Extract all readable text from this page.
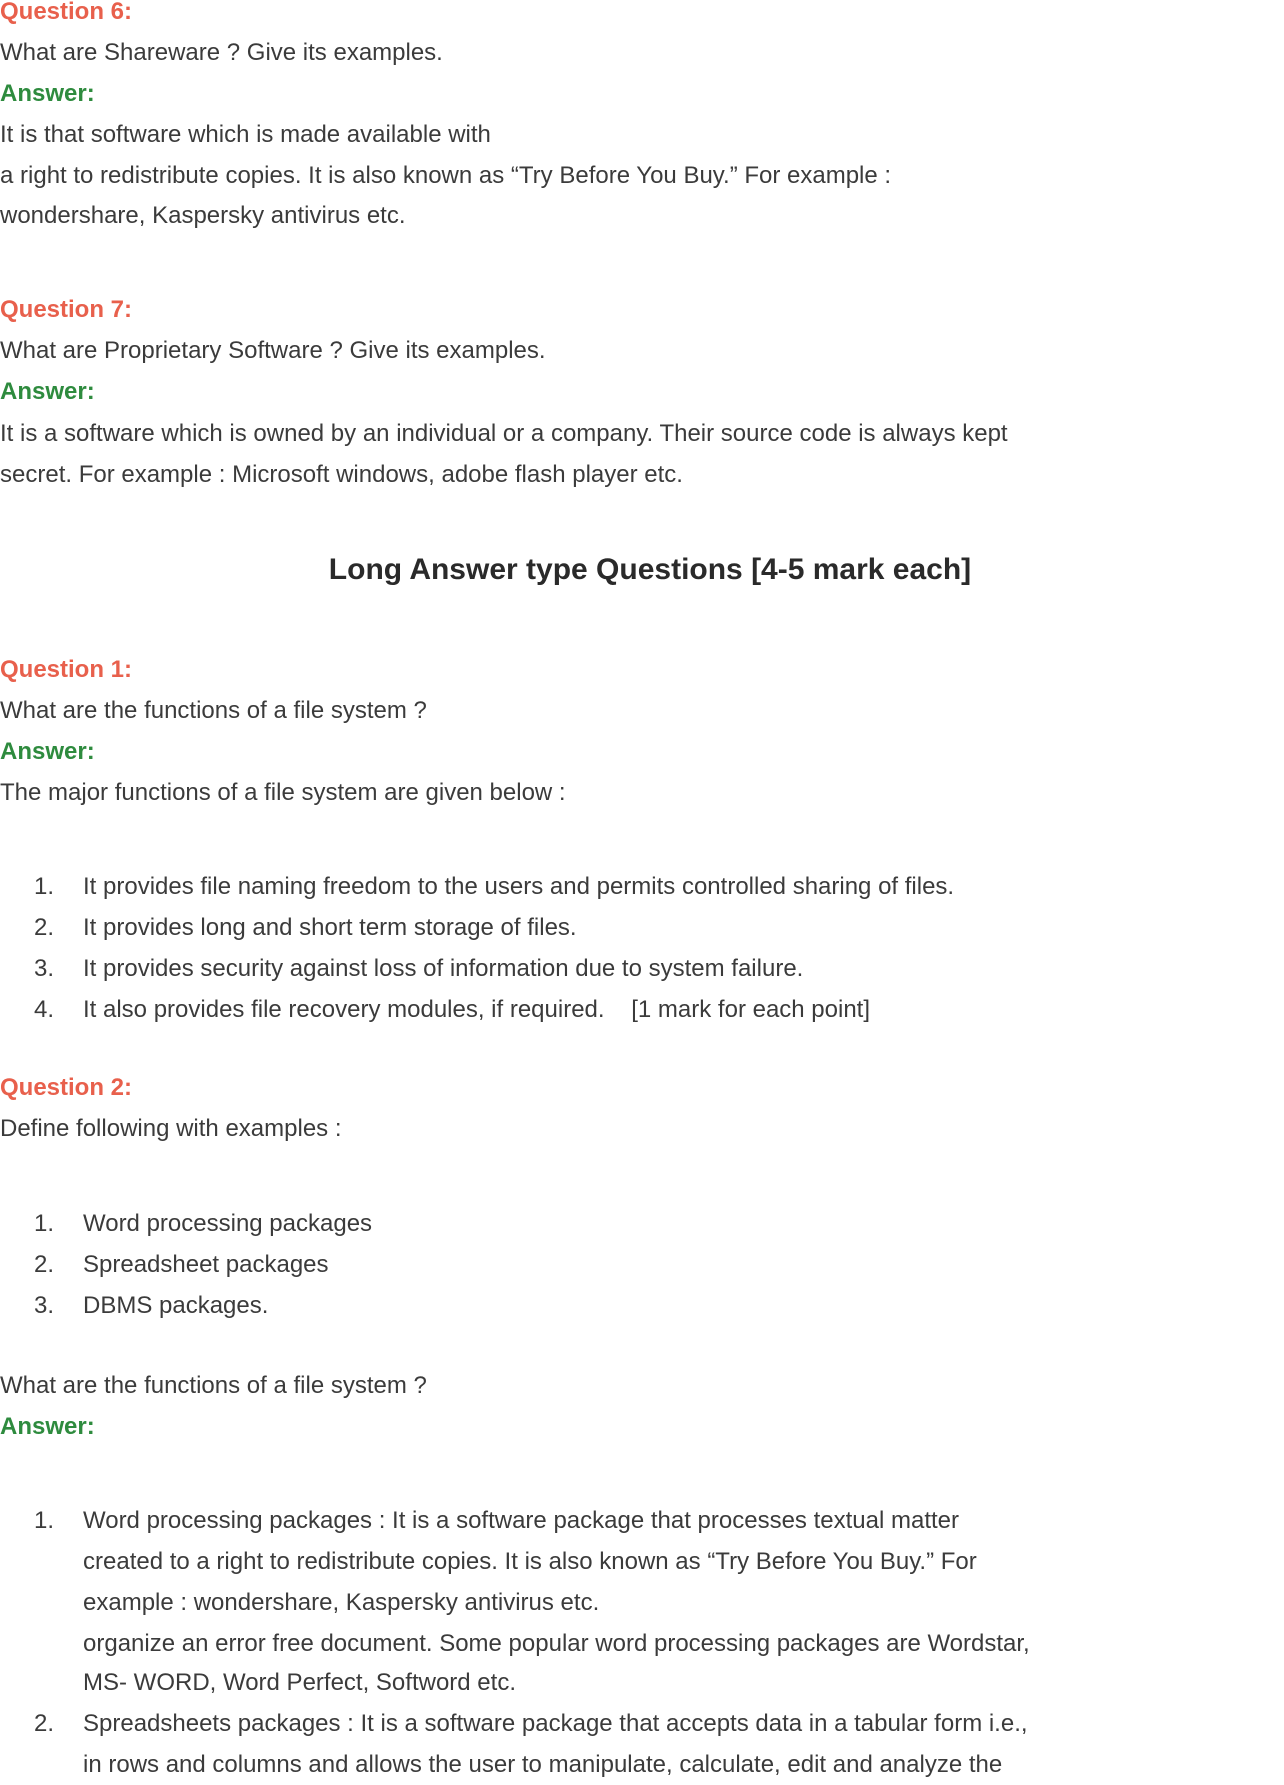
Question 6:
What are Shareware ? Give its examples.
Answer:
It is that software which is made available with
a right to redistribute copies. It is also known as “Try Before You Buy.” For example :
wondershare, Kaspersky antivirus etc.
Question 7:
What are Proprietary Software ? Give its examples.
Answer:
It is a software which is owned by an individual or a company. Their source code is always kept
secret. For example : Microsoft windows, adobe flash player etc.
Long Answer type Questions [4-5 mark each]
Question 1:
What are the functions of a file system ?
Answer:
The major functions of a file system are given below :
1. It provides file naming freedom to the users and permits controlled sharing of files.
2. It provides long and short term storage of files.
3. It provides security against loss of information due to system failure.
4. It also provides file recovery modules, if required.    [1 mark for each point]
Question 2:
Define following with examples :
1. Word processing packages
2. Spreadsheet packages
3. DBMS packages.
What are the functions of a file system ?
Answer:
1. Word processing packages : It is a software package that processes textual matter
created to a right to redistribute copies. It is also known as “Try Before You Buy.” For
example : wondershare, Kaspersky antivirus etc.
organize an error free document. Some popular word processing packages are Wordstar,
MS- WORD, Word Perfect, Softword etc.
2. Spreadsheets packages : It is a software package that accepts data in a tabular form i.e.,
in rows and columns and allows the user to manipulate, calculate, edit and analyze the
